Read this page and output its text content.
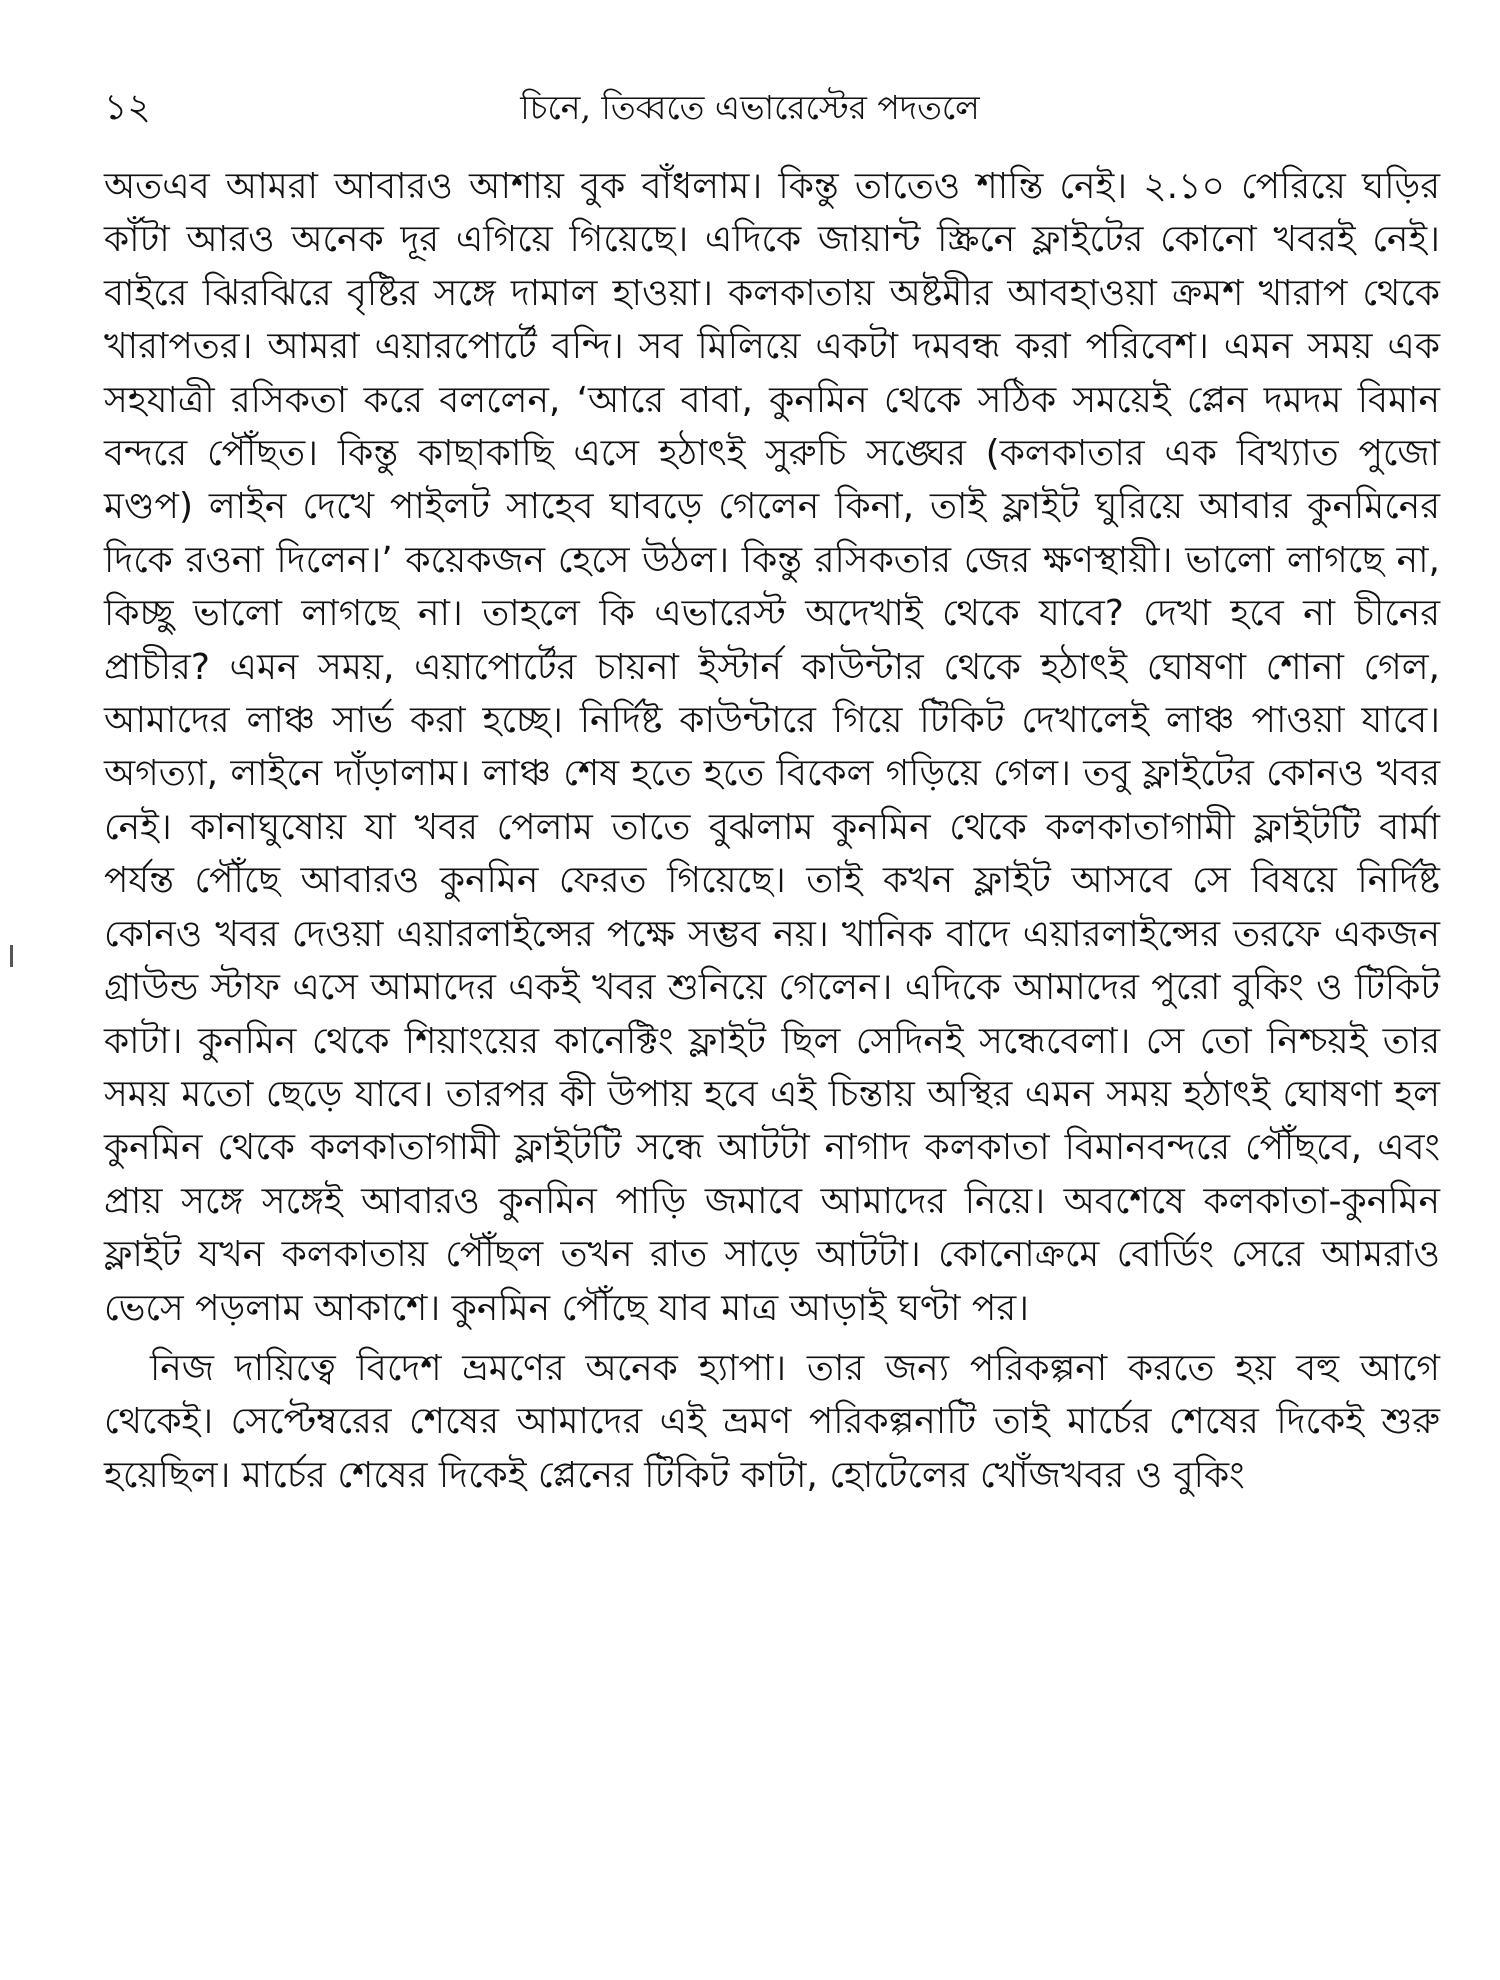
১২	চিনে, তিব্বতে এভারেস্টের পদতলে

অতএব আমরা আবারও আশায় বুক বাঁধলাম। কিন্তু তাতেও শান্তি নেই। ২.১০ পেরিয়ে ঘড়ির কাঁটা আরও অনেক দূর এগিয়ে গিয়েছে। এদিকে জায়ান্ট স্ক্রিনে ফ্লাইটের কোনো খবরই নেই। বাইরে ঝিরঝিরে বৃষ্টির সঙ্গে দামাল হাওয়া। কলকাতায় অষ্টমীর আবহাওয়া ক্রমশ খারাপ থেকে খারাপতর। আমরা এয়ারপোর্টে বন্দি। সব মিলিয়ে একটা দমবন্ধ করা পরিবেশ। এমন সময় এক সহযাত্রী রসিকতা করে বললেন, ‘আরে বাবা, কুনমিন থেকে সঠিক সময়েই প্লেন দমদম বিমান বন্দরে পৌঁছত। কিন্তু কাছাকাছি এসে হঠাৎই সুরুচি সঙ্ঘের (কলকাতার এক বিখ্যাত পুজো মণ্ডপ) লাইন দেখে পাইলট সাহেব ঘাবড়ে গেলেন কিনা, তাই ফ্লাইট ঘুরিয়ে আবার কুনমিনের দিকে রওনা দিলেন।’ কয়েকজন হেসে উঠল। কিন্তু রসিকতার জের ক্ষণস্থায়ী। ভালো লাগছে না, কিচ্ছু ভালো লাগছে না। তাহলে কি এভারেস্ট অদেখাই থেকে যাবে? দেখা হবে না চীনের প্রাচীর? এমন সময়, এয়াপোর্টের চায়না ইস্টার্ন কাউন্টার থেকে হঠাৎই ঘোষণা শোনা গেল, আমাদের লাঞ্চ সার্ভ করা হচ্ছে। নির্দিষ্ট কাউন্টারে গিয়ে টিকিট দেখালেই লাঞ্চ পাওয়া যাবে। অগত্যা, লাইনে দাঁড়ালাম। লাঞ্চ শেষ হতে হতে বিকেল গড়িয়ে গেল। তবু ফ্লাইটের কোনও খবর নেই। কানাঘুষোয় যা খবর পেলাম তাতে বুঝলাম কুনমিন থেকে কলকাতাগামী ফ্লাইটটি বার্মা পর্যন্ত পৌঁছে আবারও কুনমিন ফেরত গিয়েছে। তাই কখন ফ্লাইট আসবে সে বিষয়ে নির্দিষ্ট কোনও খবর দেওয়া এয়ারলাইন্সের পক্ষে সম্ভব নয়। খানিক বাদে এয়ারলাইন্সের তরফে একজন গ্রাউন্ড স্টাফ এসে আমাদের একই খবর শুনিয়ে গেলেন। এদিকে আমাদের পুরো বুকিং ও টিকিট কাটা। কুনমিন থেকে শিয়াংয়ের কানেক্টিং ফ্লাইট ছিল সেদিনই সন্ধেবেলা। সে তো নিশ্চয়ই তার সময় মতো ছেড়ে যাবে। তারপর কী উপায় হবে এই চিন্তায় অস্থির এমন সময় হঠাৎই ঘোষণা হল কুনমিন থেকে কলকাতাগামী ফ্লাইটটি সন্ধে আটটা নাগাদ কলকাতা বিমানবন্দরে পৌঁছবে, এবং প্রায় সঙ্গে সঙ্গেই আবারও কুনমিন পাড়ি জমাবে আমাদের নিয়ে। অবশেষে কলকাতা-কুনমিন ফ্লাইট যখন কলকাতায় পৌঁছল তখন রাত সাড়ে আটটা। কোনোক্রমে বোর্ডিং সেরে আমরাও ভেসে পড়লাম আকাশে। কুনমিন পৌঁছে যাব মাত্র আড়াই ঘণ্টা পর।

নিজ দায়িত্বে বিদেশ ভ্রমণের অনেক হ্যাপা। তার জন্য পরিকল্পনা করতে হয় বহু আগে থেকেই। সেপ্টেম্বরের শেষের আমাদের এই ভ্রমণ পরিকল্পনাটি তাই মার্চের শেষের দিকেই শুরু হয়েছিল। মার্চের শেষের দিকেই প্লেনের টিকিট কাটা, হোটেলের খোঁজখবর ও বুকিং
